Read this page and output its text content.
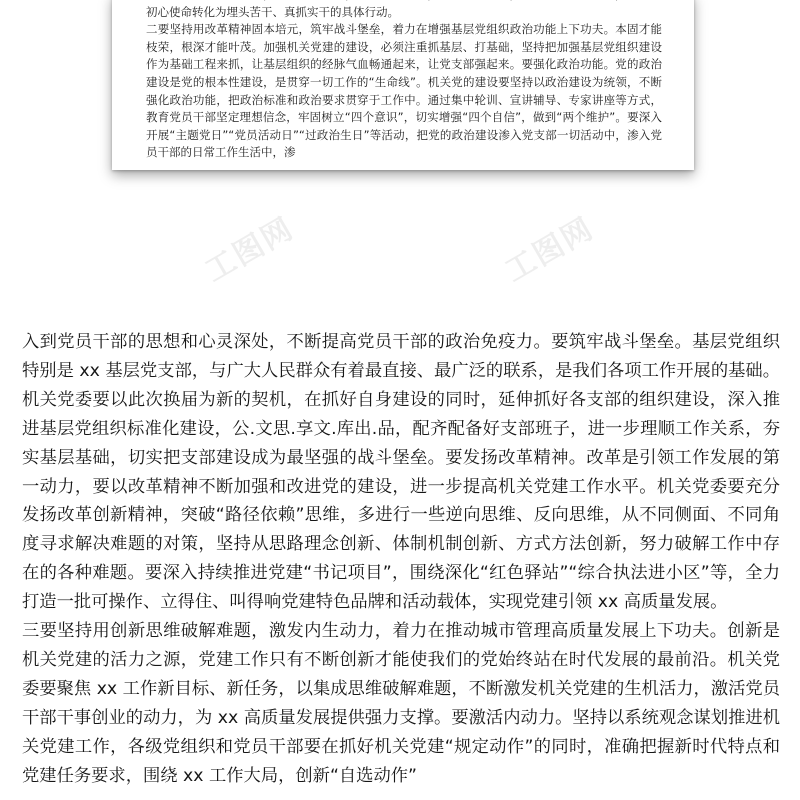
初心使命转化为埋头苦干、真抓实干的具体行动。

二要坚持用改革精神固本培元，筑牢战斗堡垒，着力在增强基层党组织政治功能上下功夫。本固才能枝荣，根深才能叶茂。加强机关党建的建设，必须注重抓基层、打基础，坚持把加强基层党组织建设作为基础工程来抓，让基层组织的经脉气血畅通起来，让党支部强起来。要强化政治功能。党的政治建设是党的根本性建设，是贯穿一切工作的“生命线”。机关党的建设要坚持以政治建设为统领，不断强化政治功能，把政治标准和政治要求贯穿于工作中。通过集中轮训、宣讲辅导、专家讲座等方式，教育党员干部坚定理想信念，牢固树立“四个意识”，切实增强“四个自信”，做到“两个维护”。要深入开展“主题党日”“党员活动日”“过政治生日”等活动，把党的政治建设渗入党支部一切活动中，渗入党员干部的日常工作生活中，渗

工图网	工图网

入到党员干部的思想和心灵深处，不断提高党员干部的政治免疫力。要筑牢战斗堡垒。基层党组织特别是 xx 基层党支部，与广大人民群众有着最直接、最广泛的联系，是我们各项工作开展的基础。机关党委要以此次换届为新的契机，在抓好自身建设的同时，延伸抓好各支部的组织建设，深入推进基层党组织标准化建设，公.文思.享文.库出.品，配齐配备好支部班子，进一步理顺工作关系，夯实基层基础，切实把支部建设成为最坚强的战斗堡垒。要发扬改革精神。改革是引领工作发展的第一动力，要以改革精神不断加强和改进党的建设，进一步提高机关党建工作水平。机关党委要充分发扬改革创新精神，突破“路径依赖”思维，多进行一些逆向思维、反向思维，从不同侧面、不同角度寻求解决难题的对策，坚持从思路理念创新、体制机制创新、方式方法创新，努力破解工作中存在的各种难题。要深入持续推进党建“书记项目”，围绕深化“红色驿站”“综合执法进小区”等，全力打造一批可操作、立得住、叫得响党建特色品牌和活动载体，实现党建引领 xx 高质量发展。

三要坚持用创新思维破解难题，激发内生动力，着力在推动城市管理高质量发展上下功夫。创新是机关党建的活力之源，党建工作只有不断创新才能使我们的党始终站在时代发展的最前沿。机关党委要聚焦 xx 工作新目标、新任务，以集成思维破解难题，不断激发机关党建的生机活力，激活党员干部干事创业的动力，为 xx 高质量发展提供强力支撑。要激活内动力。坚持以系统观念谋划推进机关党建工作，各级党组织和党员干部要在抓好机关党建“规定动作”的同时，准确把握新时代特点和党建任务要求，围绕 xx 工作大局，创新“自选动作”
